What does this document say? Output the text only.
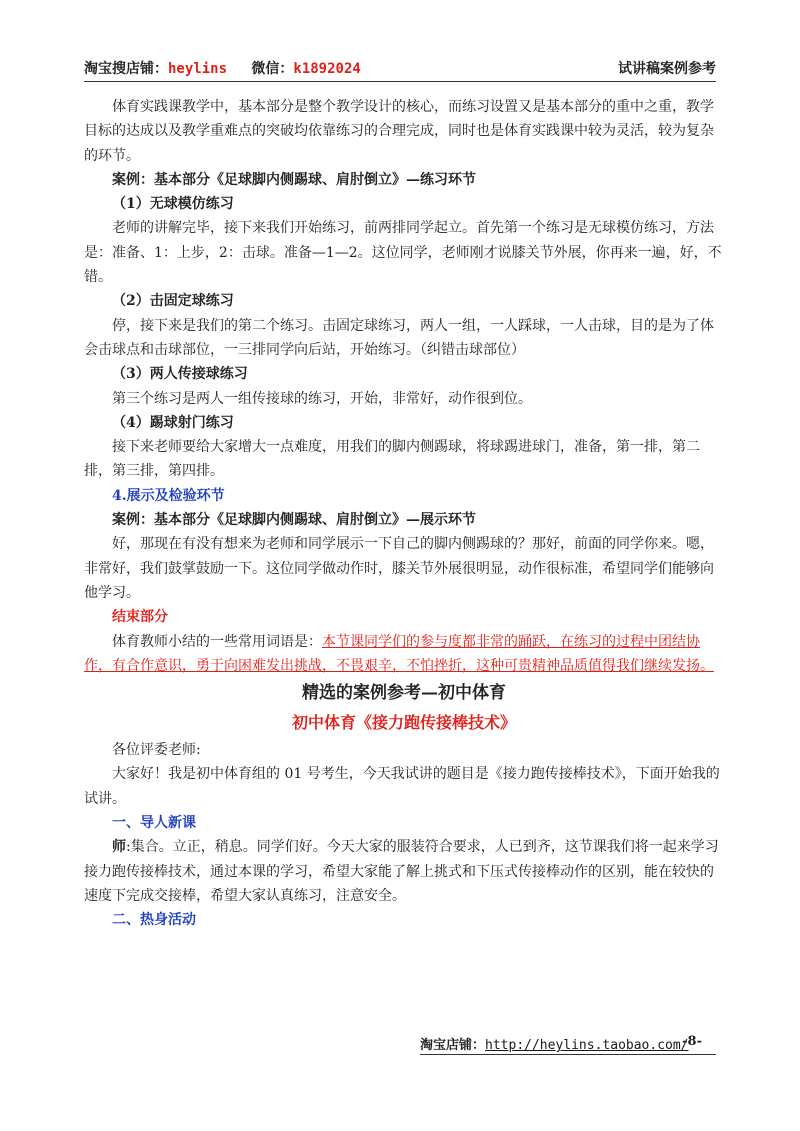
淘宝搜店铺：heylins 微信：k1892024	试讲稿案例参考

体育实践课教学中，基本部分是整个教学设计的核心，而练习设置又是基本部分的重中之重，教学目标的达成以及教学重难点的突破均依靠练习的合理完成，同时也是体育实践课中较为灵活，较为复杂的环节。

案例：基本部分《足球脚内侧踢球、肩肘倒立》—练习环节

（1）无球模仿练习

老师的讲解完毕，接下来我们开始练习，前两排同学起立。首先第一个练习是无球模仿练习，方法是：准备、1：上步，2：击球。准备—1—2。这位同学，老师刚才说膝关节外展，你再来一遍，好，不错。

（2）击固定球练习

停，接下来是我们的第二个练习。击固定球练习，两人一组，一人踩球，一人击球，目的是为了体会击球点和击球部位，一三排同学向后站，开始练习。（纠错击球部位）

（3）两人传接球练习

第三个练习是两人一组传接球的练习，开始，非常好，动作很到位。

（4）踢球射门练习

接下来老师要给大家增大一点难度，用我们的脚内侧踢球，将球踢进球门，准备，第一排，第二排，第三排，第四排。

4.展示及检验环节

案例：基本部分《足球脚内侧踢球、肩肘倒立》—展示环节

好，那现在有没有想来为老师和同学展示一下自己的脚内侧踢球的？那好，前面的同学你来。嗯，非常好，我们鼓掌鼓励一下。这位同学做动作时，膝关节外展很明显，动作很标准，希望同学们能够向他学习。

结束部分

体育教师小结的一些常用词语是：本节课同学们的参与度都非常的踊跃，在练习的过程中团结协作，有合作意识，勇于向困难发出挑战，不畏艰辛，不怕挫折，这种可贵精神品质值得我们继续发扬。

精选的案例参考—初中体育

初中体育《接力跑传接棒技术》

各位评委老师:

大家好！我是初中体育组的 01 号考生，今天我试讲的题目是《接力跑传接棒技术》，下面开始我的试讲。

一、导人新课

师:集合。立正，稍息。同学们好。今天大家的服装符合要求，人已到齐，这节课我们将一起来学习接力跑传接棒技术，通过本课的学习，希望大家能了解上挑式和下压式传接棒动作的区别，能在较快的速度下完成交接棒，希望大家认真练习，注意安全。

二、热身活动

淘宝店铺：http://heylins.taobao.com/
-8-
